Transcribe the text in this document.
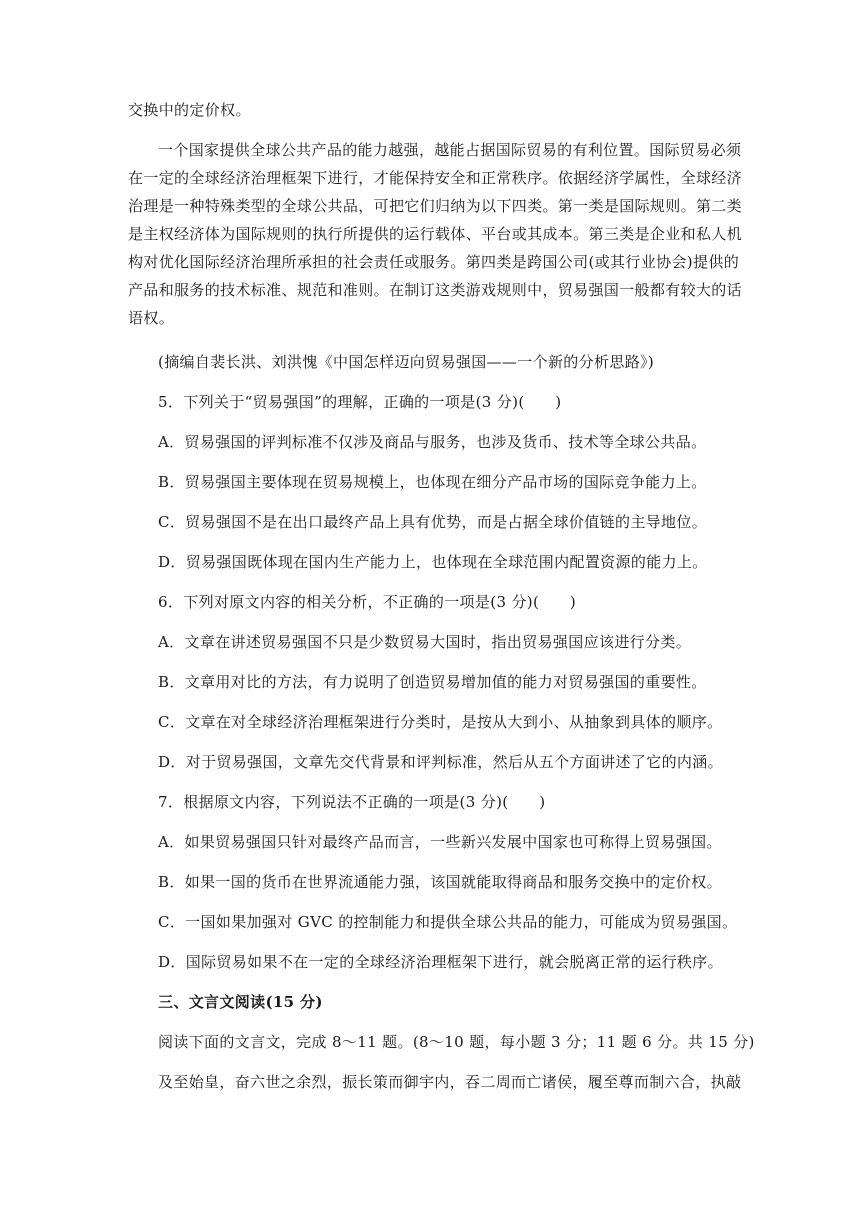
交换中的定价权。
一个国家提供全球公共产品的能力越强，越能占据国际贸易的有利位置。国际贸易必须
在一定的全球经济治理框架下进行，才能保持安全和正常秩序。依据经济学属性，全球经济
治理是一种特殊类型的全球公共品，可把它们归纳为以下四类。第一类是国际规则。第二类
是主权经济体为国际规则的执行所提供的运行载体、平台或其成本。第三类是企业和私人机
构对优化国际经济治理所承担的社会责任或服务。第四类是跨国公司(或其行业协会)提供的
产品和服务的技术标准、规范和准则。在制订这类游戏规则中，贸易强国一般都有较大的话
语权。
(摘编自裴长洪、刘洪愧《中国怎样迈向贸易强国——一个新的分析思路》)
5．下列关于“贸易强国”的理解，正确的一项是(3 分)(　　)
A．贸易强国的评判标准不仅涉及商品与服务，也涉及货币、技术等全球公共品。
B．贸易强国主要体现在贸易规模上，也体现在细分产品市场的国际竞争能力上。
C．贸易强国不是在出口最终产品上具有优势，而是占据全球价值链的主导地位。
D．贸易强国既体现在国内生产能力上，也体现在全球范围内配置资源的能力上。
6．下列对原文内容的相关分析，不正确的一项是(3 分)(　　)
A．文章在讲述贸易强国不只是少数贸易大国时，指出贸易强国应该进行分类。
B．文章用对比的方法，有力说明了创造贸易增加值的能力对贸易强国的重要性。
C．文章在对全球经济治理框架进行分类时，是按从大到小、从抽象到具体的顺序。
D．对于贸易强国，文章先交代背景和评判标准，然后从五个方面讲述了它的内涵。
7．根据原文内容，下列说法不正确的一项是(3 分)(　　)
A．如果贸易强国只针对最终产品而言，一些新兴发展中国家也可称得上贸易强国。
B．如果一国的货币在世界流通能力强，该国就能取得商品和服务交换中的定价权。
C．一国如果加强对 GVC 的控制能力和提供全球公共品的能力，可能成为贸易强国。
D．国际贸易如果不在一定的全球经济治理框架下进行，就会脱离正常的运行秩序。
三、文言文阅读(15 分)
阅读下面的文言文，完成 8～11 题。(8～10 题，每小题 3 分；11 题 6 分。共 15 分)
及至始皇，奋六世之余烈，振长策而御宇内，吞二周而亡诸侯，履至尊而制六合，执敲
